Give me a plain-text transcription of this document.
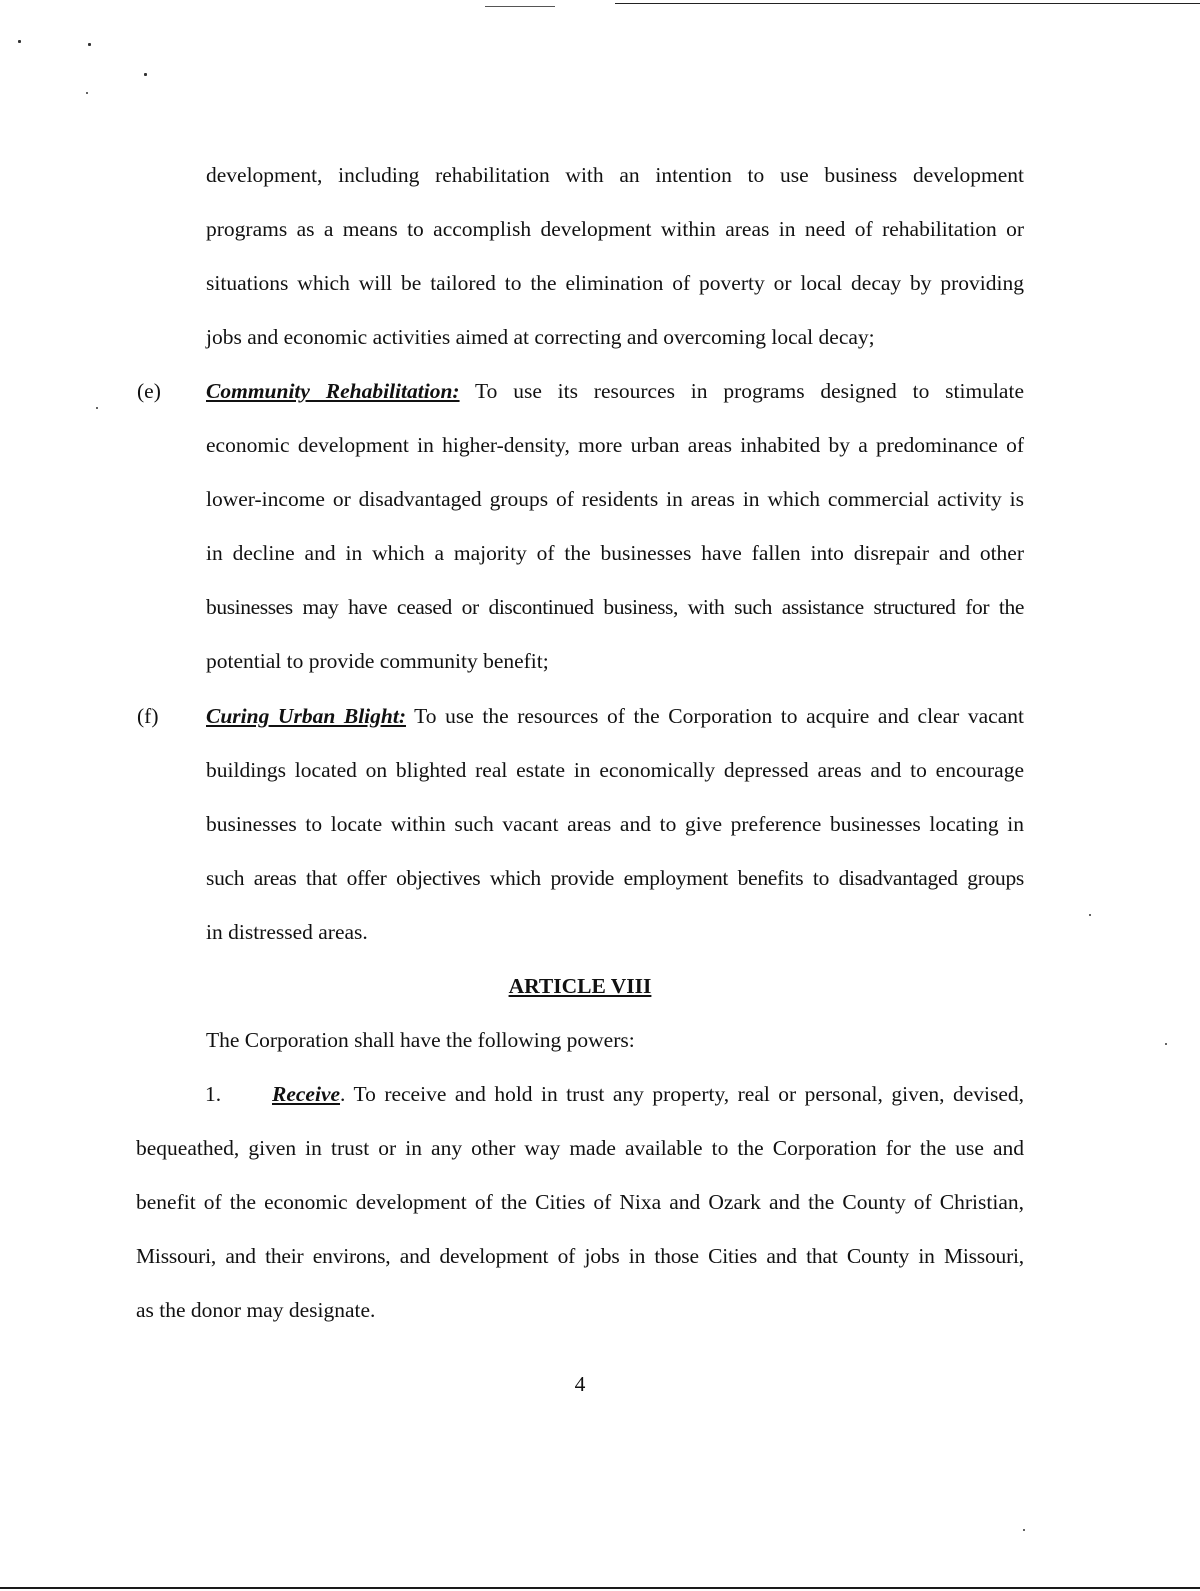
development, including rehabilitation with an intention to use business development
programs as a means to accomplish development within areas in need of rehabilitation or
situations which will be tailored to the elimination of poverty or local decay by providing
jobs and economic activities aimed at correcting and overcoming local decay;
(e) Community Rehabilitation: To use its resources in programs designed to stimulate
economic development in higher-density, more urban areas inhabited by a predominance of
lower-income or disadvantaged groups of residents in areas in which commercial activity is
in decline and in which a majority of the businesses have fallen into disrepair and other
businesses may have ceased or discontinued business, with such assistance structured for the
potential to provide community benefit;
(f) Curing Urban Blight: To use the resources of the Corporation to acquire and clear vacant
buildings located on blighted real estate in economically depressed areas and to encourage
businesses to locate within such vacant areas and to give preference businesses locating in
such areas that offer objectives which provide employment benefits to disadvantaged groups
in distressed areas.
ARTICLE VIII
The Corporation shall have the following powers:
1. Receive. To receive and hold in trust any property, real or personal, given, devised,
bequeathed, given in trust or in any other way made available to the Corporation for the use and
benefit of the economic development of the Cities of Nixa and Ozark and the County of Christian,
Missouri, and their environs, and development of jobs in those Cities and that County in Missouri,
as the donor may designate.
4
